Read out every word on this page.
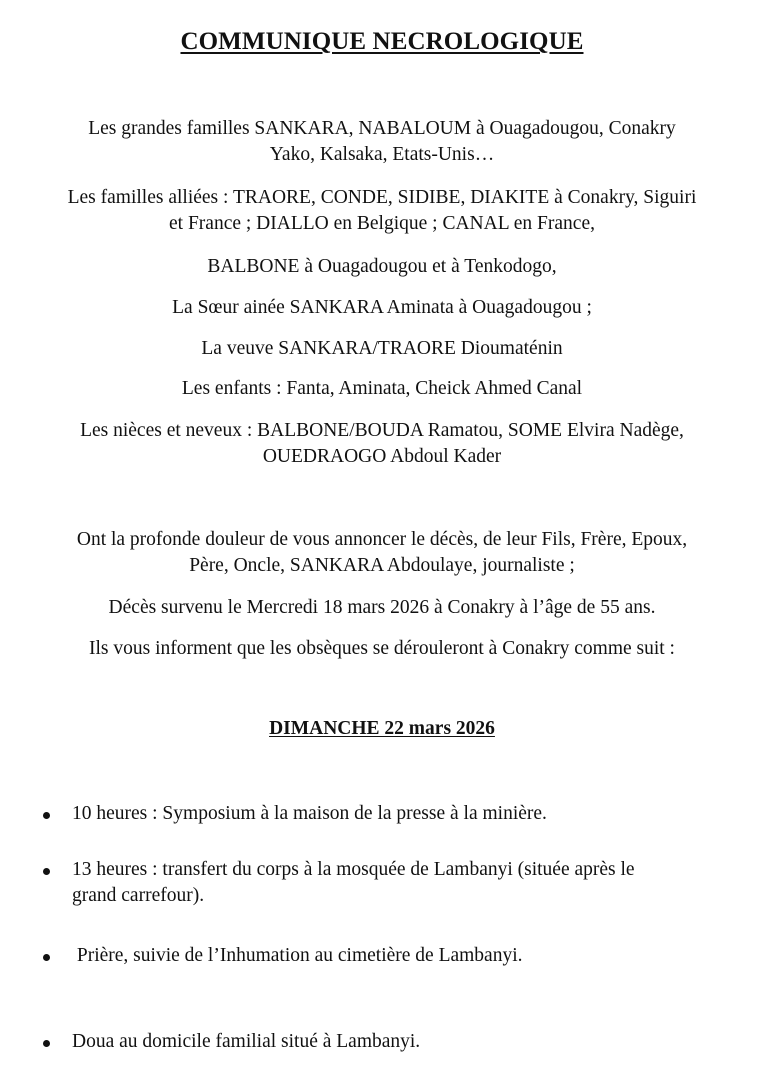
COMMUNIQUE NECROLOGIQUE
Les grandes familles SANKARA, NABALOUM à Ouagadougou, Conakry
Yako, Kalsaka, Etats-Unis…
Les familles alliées : TRAORE, CONDE, SIDIBE, DIAKITE à Conakry, Siguiri
et France ; DIALLO en Belgique ; CANAL en France,
BALBONE à Ouagadougou et à Tenkodogo,
La Sœur ainée SANKARA Aminata à Ouagadougou ;
La veuve SANKARA/TRAORE Dioumaténin
Les enfants : Fanta, Aminata, Cheick Ahmed Canal
Les nièces et neveux : BALBONE/BOUDA Ramatou, SOME Elvira Nadège,
OUEDRAOGO Abdoul Kader
Ont la profonde douleur de vous annoncer le décès, de leur Fils, Frère, Epoux,
Père, Oncle, SANKARA Abdoulaye, journaliste ;
Décès survenu le Mercredi 18 mars 2026 à Conakry à l’âge de 55 ans.
Ils vous informent que les obsèques se dérouleront à Conakry comme suit :
DIMANCHE 22 mars 2026
10 heures : Symposium à la maison de la presse à la minière.
13 heures : transfert du corps à la mosquée de Lambanyi (située après le
grand carrefour).
Prière, suivie de l’Inhumation au cimetière de Lambanyi.
Doua au domicile familial situé à Lambanyi.
